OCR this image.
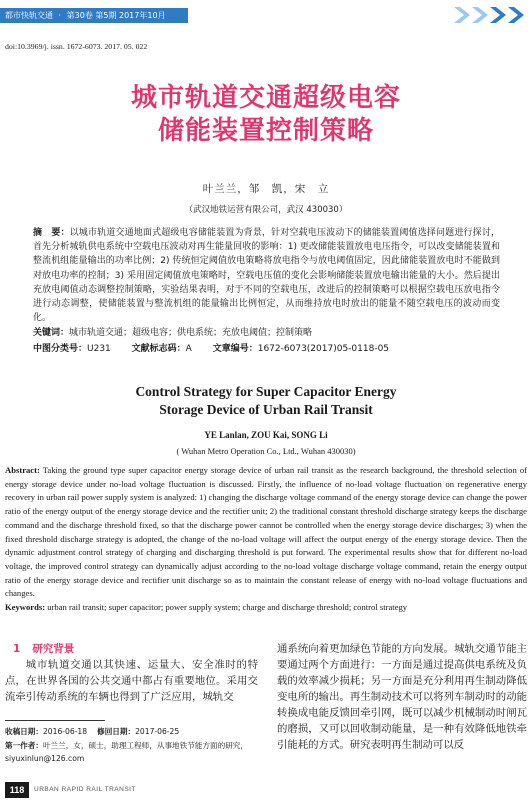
都市快轨交通 · 第30卷 第5期 2017年10月
doi:10.3969/j. issn. 1672-6073. 2017. 05. 022
城市轨道交通超级电容
储能装置控制策略
叶兰兰，邹　凯，宋　立
（武汉地铁运营有限公司，武汉 430030）

摘　要：以城市轨道交通地面式超级电容储能装置为背景，针对空载电压波动下的储能装置阈值选择问题进行探讨，首先分析城轨供电系统中空载电压波动对再生能量回收的影响：1) 更改储能装置放电电压指令，可以改变储能装置和整流机组能量输出的功率比例；2) 传统恒定阈值放电策略将放电指令与放电阈值固定，因此储能装置放电时不能做到对放电功率的控制；3) 采用固定阈值放电策略时，空载电压值的变化会影响储能装置放电输出能量的大小。然后提出充放电阈值动态调整控制策略，实验结果表明，对于不同的空载电压，改进后的控制策略可以根据空载电压放电指令进行动态调整，使储能装置与整流机组的能量输出比例恒定，从而维持放电时放出的能量不随空载电压的波动而变化。

关键词：城市轨道交通；超级电容；供电系统；充放电阈值；控制策略

中图分类号：U231 文献标志码：A 文章编号：1672-6073(2017)05-0118-05

Control Strategy for Super Capacitor Energy
Storage Device of Urban Rail Transit
YE Lanlan, ZOU Kai, SONG Li
( Wuhan Metro Operation Co., Ltd., Wuhan 430030)

Abstract: Taking the ground type super capacitor energy storage device of urban rail transit as the research background, the threshold selection of energy storage device under no-load voltage fluctuation is discussed. Firstly, the influence of no-load voltage fluctuation on regenerative energy recovery in urban rail power supply system is analyzed: 1) changing the discharge voltage command of the energy storage device can change the power ratio of the energy output of the energy storage device and the rectifier unit; 2) the traditional constant threshold discharge strategy keeps the discharge command and the discharge threshold fixed, so that the discharge power cannot be controlled when the energy storage device discharges; 3) when the fixed threshold discharge strategy is adopted, the change of the no-load voltage will affect the output energy of the energy storage device. Then the dynamic adjustment control strategy of charging and discharging threshold is put forward. The experimental results show that for different no-load voltage, the improved control strategy can dynamically adjust according to the no-load voltage discharge voltage command, retain the energy output ratio of the energy storage device and rectifier unit discharge so as to maintain the constant release of energy with no-load voltage fluctuations and changes.

Keywords: urban rail transit; super capacitor; power supply system; charge and discharge threshold; control strategy

1 研究背景

城市轨道交通以其快速、运量大、安全准时的特点，在世界各国的公共交通中都占有重要地位。采用交流牵引传动系统的车辆也得到了广泛应用，城轨交

通系统向着更加绿色节能的方向发展。城轨交通节能主要通过两个方面进行：一方面是通过提高供电系统及负载的效率减少损耗；另一方面是充分利用再生制动降低变电所的输出。再生制动技术可以将列车制动时的动能转换成电能反馈回牵引网，既可以减少机械制动时闸瓦的磨损，又可以回收制动能量，是一种有效降低地铁牵引能耗的方式。研究表明再生制动可以反

收稿日期：2016-06-18 修回日期：2017-06-25

第一作者：叶兰兰，女，硕士，助理工程师，从事地铁节能方面的研究，siyuxinlun@126.com

118	URBAN RAPID RAIL TRANSIT
